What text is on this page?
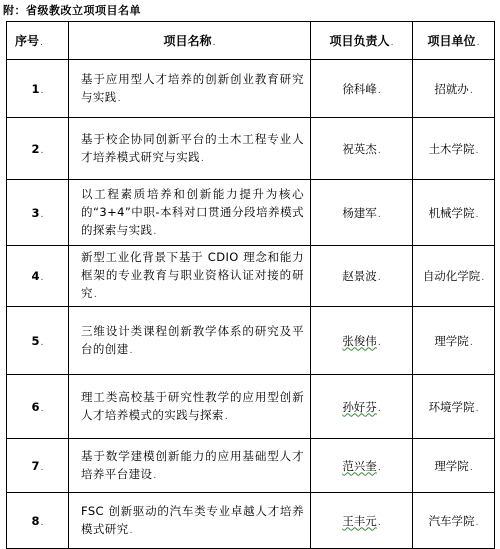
附：省级教改立项项目名单
序号.	项目名称.	项目负责人.	项目单位.
1.	基于应用型人才培养的创新创业教育研究与实践.	徐科峰.	招就办.
2.	基于校企协同创新平台的土木工程专业人才培养模式研究与实践.	祝英杰.	土木学院.
3.	以工程素质培养和创新能力提升为核心的“3+4”中职-本科对口贯通分段培养模式的探索与实践.	杨建军.	机械学院.
4.	新型工业化背景下基于 CDIO 理念和能力框架的专业教育与职业资格认证对接的研究.	赵景波.	自动化学院.
5.	三维设计类课程创新教学体系的研究及平台的创建.	张俊伟.	理学院.
6.	理工类高校基于研究性教学的应用型创新人才培养模式的实践与探索.	孙好芬.	环境学院.
7.	基于数学建模创新能力的应用基础型人才培养平台建设.	范兴奎.	理学院.
8.	FSC 创新驱动的汽车类专业卓越人才培养模式研究.	王丰元.	汽车学院.
